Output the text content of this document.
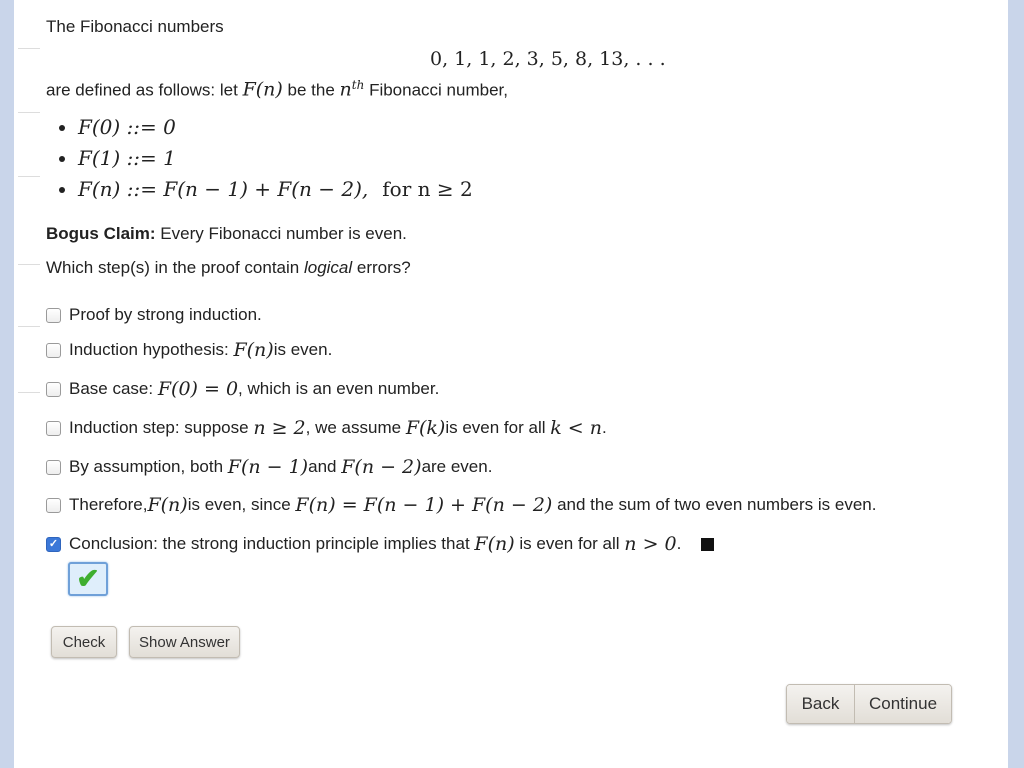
The Fibonacci numbers
0, 1, 1, 2, 3, 5, 8, 13, . . .
are defined as follows: let F(n) be the $n^{th}$ Fibonacci number,
F(0) ::= 0
F(1) ::= 1
F(n) ::= F(n − 1) + F(n − 2), for n ≥ 2
Bogus Claim: Every Fibonacci number is even.
Which step(s) in the proof contain logical errors?
Proof by strong induction.
Induction hypothesis:
F(n) is even.
Base case:
F(0) = 0 , which is an even number.
Induction step: suppose
n ≥ 2 , we assume
F(k) is even for all
k < n .
By assumption, both
F(n − 1) and
F(n − 2) are even.
Therefore, F(n) is even, since
F(n) = F(n − 1) + F(n − 2)
and the sum of two even numbers is even.
✓
Conclusion: the strong induction principle implies that
F(n)
is even for all
n > 0 .
✔
Check	Show Answer
Back	Continue
